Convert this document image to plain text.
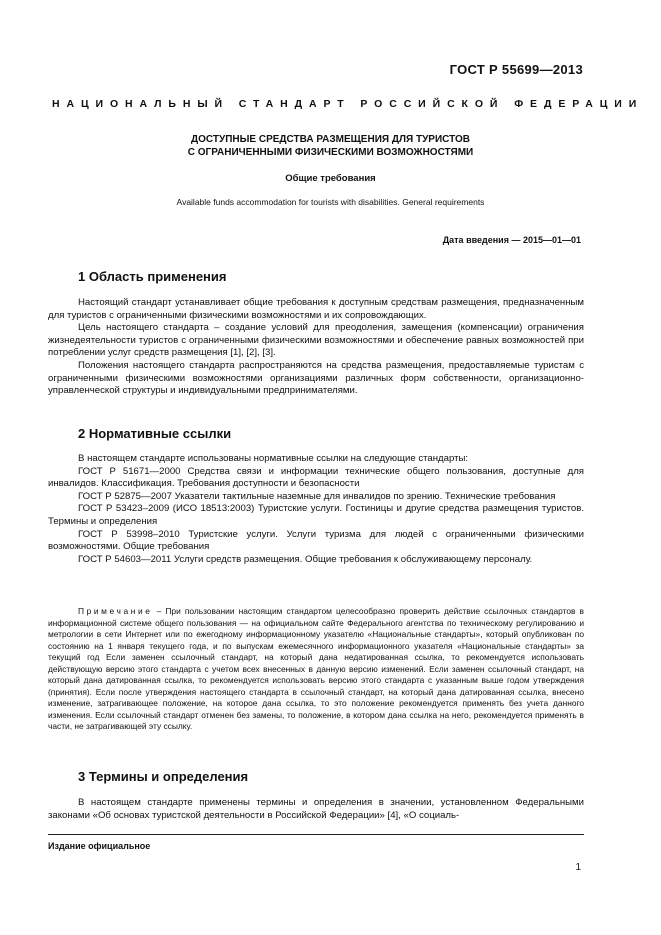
ГОСТ Р 55699—2013
НАЦИОНАЛЬНЫЙ СТАНДАРТ РОССИЙСКОЙ ФЕДЕРАЦИИ
ДОСТУПНЫЕ СРЕДСТВА РАЗМЕЩЕНИЯ ДЛЯ ТУРИСТОВ
С ОГРАНИЧЕННЫМИ ФИЗИЧЕСКИМИ ВОЗМОЖНОСТЯМИ
Общие требования
Available funds accommodation for tourists with disabilities. General requirements
Дата введения — 2015—01—01
1 Область применения

Настоящий стандарт устанавливает общие требования к доступным средствам размещения, предназначенным для туристов с ограниченными физическими возможностями и их сопровождающих.

Цель настоящего стандарта – создание условий для преодоления, замещения (компенсации) ограничения жизнедеятельности туристов с ограниченными физическими возможностями и обеспечение равных возможностей при потреблении услуг средств размещения [1], [2], [3].

Положения настоящего стандарта распространяются на средства размещения, предоставляемые туристам с ограниченными физическими возможностями организациями различных форм собственности, организационно-управленческой структуры и индивидуальными предпринимателями.

2 Нормативные ссылки

В настоящем стандарте использованы нормативные ссылки на следующие стандарты:

ГОСТ Р 51671—2000 Средства связи и информации технические общего пользования, доступные для инвалидов. Классификация. Требования доступности и безопасности

ГОСТ Р 52875—2007 Указатели тактильные наземные для инвалидов по зрению. Технические требования

ГОСТ Р 53423–2009 (ИСО 18513:2003) Туристские услуги. Гостиницы и другие средства размещения туристов. Термины и определения

ГОСТ Р 53998–2010 Туристские услуги. Услуги туризма для людей с ограниченными физическими возможностями. Общие требования

ГОСТ Р 54603—2011 Услуги средств размещения. Общие требования к обслуживающему персоналу.

Примечание – При пользовании настоящим стандартом целесообразно проверить действие ссылочных стандартов в информационной системе общего пользования — на официальном сайте Федерального агентства по техническому регулированию и метрологии в сети Интернет или по ежегодному информационному указателю «Национальные стандарты», который опубликован по состоянию на 1 января текущего года, и по выпускам ежемесячного информационного указателя «Национальные стандарты» за текущий год Если заменен ссылочный стандарт, на который дана недатированная ссылка, то рекомендуется использовать действующую версию этого стандарта с учетом всех внесенных в данную версию изменений. Если заменен ссылочный стандарт, на который дана датированная ссылка, то рекомендуется использовать версию этого стандарта с указанным выше годом утверждения (принятия). Если после утверждения настоящего стандарта в ссылочный стандарт, на который дана датированная ссылка, внесено изменение, затрагивающее положение, на которое дана ссылка, то это положение рекомендуется применять без учета данного изменения. Если ссылочный стандарт отменен без замены, то положение, в котором дана ссылка на него, рекомендуется применять в части, не затрагивающей эту ссылку.
3 Термины и определения

В настоящем стандарте применены термины и определения в значении, установленном Федеральными законами «Об основах туристской деятельности в Российской Федерации» [4], «О социаль-

Издание официальное
1
